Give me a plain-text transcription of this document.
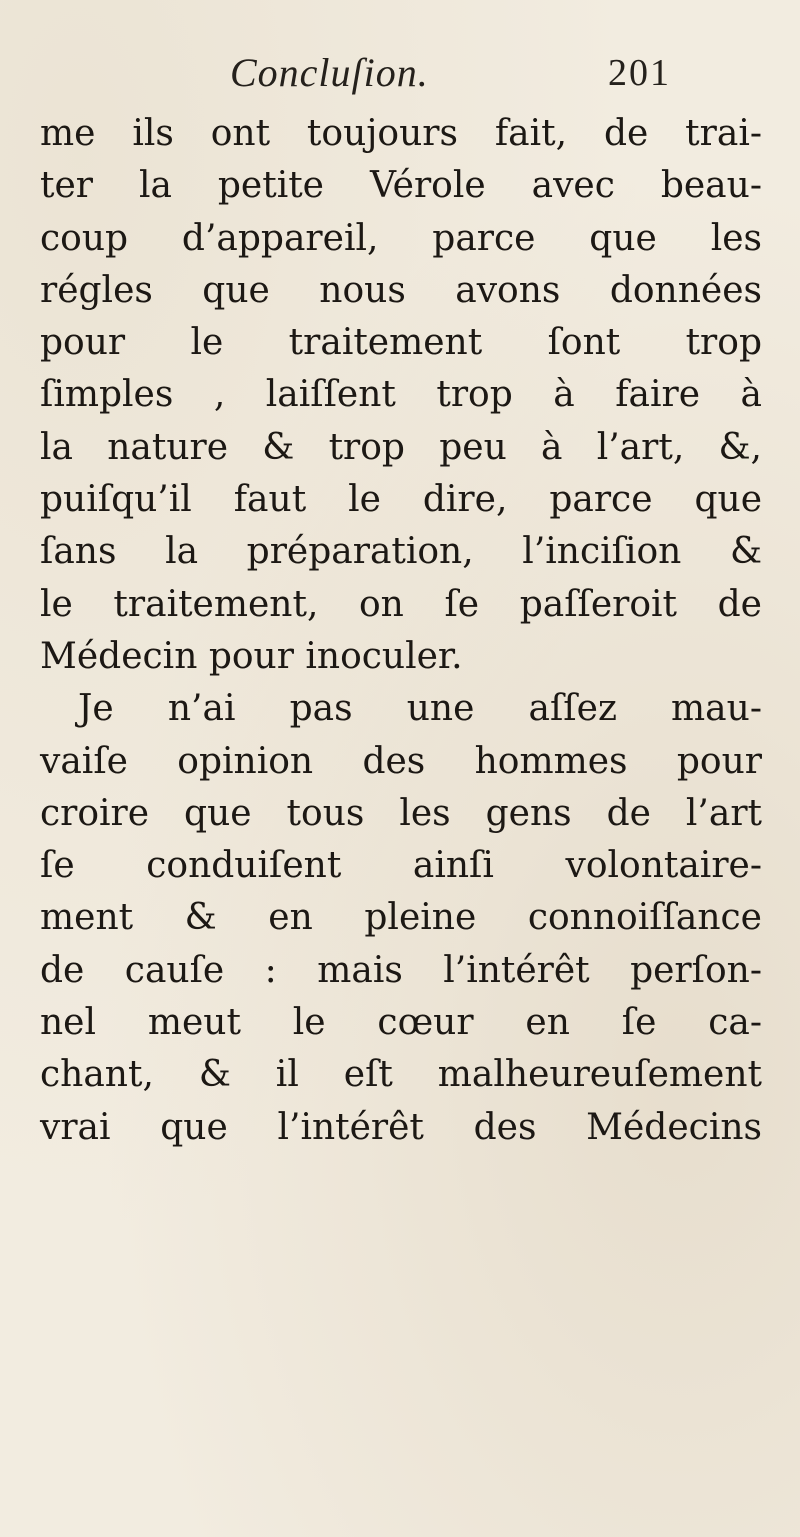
Concluſion.	201
me ils ont toujours fait, de trai-
ter la petite Vérole avec beau-
coup d’appareil, parce que les
régles que nous avons données
pour le traitement ſont trop
ſimples , laiſſent trop à faire à
la nature & trop peu à l’art, &,
puiſqu’il faut le dire, parce que
ſans la préparation, l’inciſion &
le traitement, on ſe paſſeroit de
Médecin pour inoculer.
Je n’ai pas une aſſez mau-
vaiſe opinion des hommes pour
croire que tous les gens de l’art
ſe conduiſent ainſi volontaire-
ment & en pleine connoiſſance
de cauſe : mais l’intérêt perſon-
nel meut le cœur en ſe ca-
chant, & il eſt malheureuſement
vrai que l’intérêt des Médecins
